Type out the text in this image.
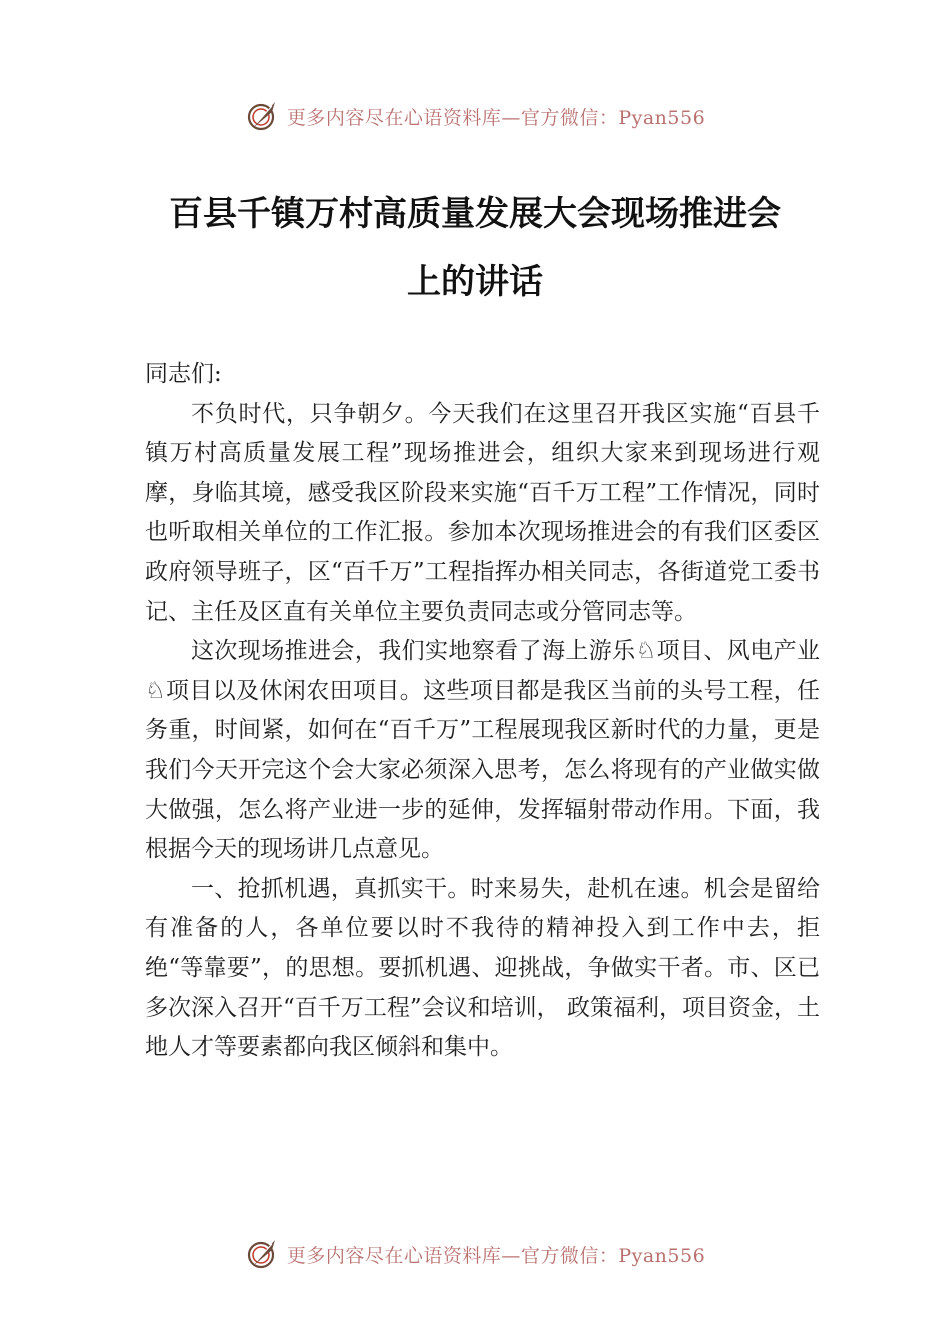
更多内容尽在心语资料库—官方微信：Pyan556
百县千镇万村高质量发展大会现场推进会
上的讲话

同志们:

不负时代，只争朝夕。今天我们在这里召开我区实施“百县千镇万村高质量发展工程”现场推进会，组织大家来到现场进行观摩，身临其境，感受我区阶段来实施“百千万工程”工作情况，同时也听取相关单位的工作汇报。参加本次现场推进会的有我们区委区政府领导班子，区“百千万”工程指挥办相关同志，各街道党工委书记、主任及区直有关单位主要负责同志或分管同志等。

这次现场推进会，我们实地察看了海上游乐♘项目、风电产业♘项目以及休闲农田项目。这些项目都是我区当前的头号工程，任务重，时间紧，如何在“百千万”工程展现我区新时代的力量，更是我们今天开完这个会大家必须深入思考，怎么将现有的产业做实做大做强，怎么将产业进一步的延伸，发挥辐射带动作用。下面，我根据今天的现场讲几点意见。

一、抢抓机遇，真抓实干。时来易失，赴机在速。机会是留给有准备的人，各单位要以时不我待的精神投入到工作中去，拒绝“等靠要”，的思想。要抓机遇、迎挑战，争做实干者。市、区已多次深入召开“百千万工程”会议和培训， 政策福利，项目资金，土地人才等要素都向我区倾斜和集中。

更多内容尽在心语资料库—官方微信：Pyan556
